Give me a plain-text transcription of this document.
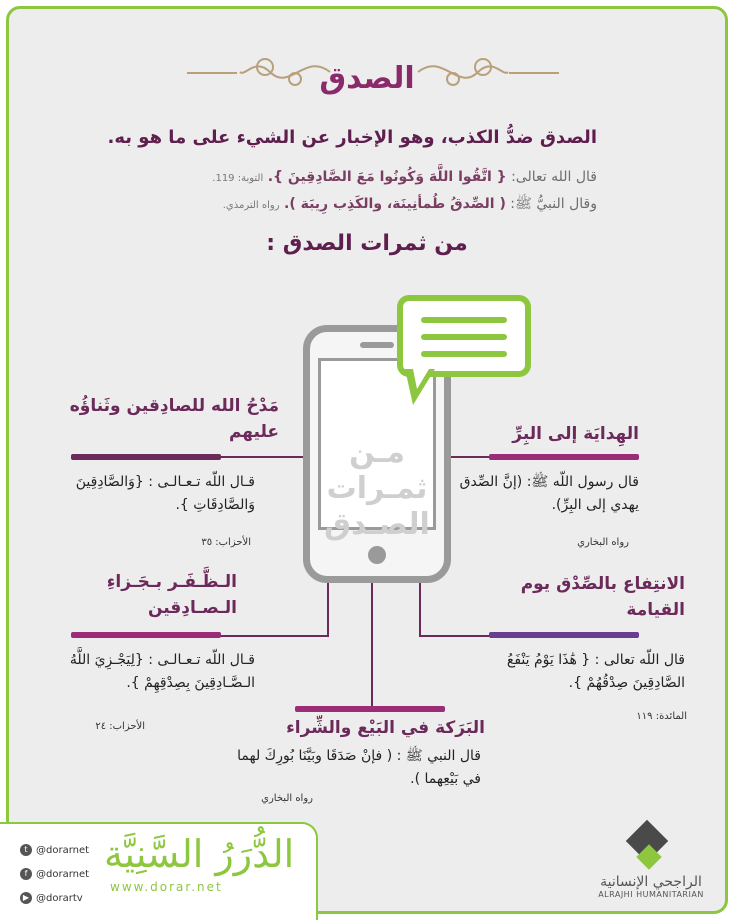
الصدق
الصدق ضدُّ الكذب، وهو الإخبار عن الشيء على ما هو به.
قال الله تعالى: { اتَّقُوا اللَّهَ وَكُونُوا مَعَ الصَّادِقِينَ }. التوبة: 119.
وقال النبيُّ ﷺ: ( الصِّدقُ طُمأنِينَة، والكَذِب رِيبَة ). رواه الترمذي.
من ثمرات الصدق :
مـن
ثمـرات
الصـدق
مَدْحُ الله للصادِقين وثَناؤُه عليهم
قـال اللّه تـعـالـى : {وَالصَّادِقِينَ وَالصَّادِقَاتِ }.
الأحزاب: ٣٥
الهِدايَة إلى البِرِّ
قال رسول اللّه ﷺ: (إنَّ الصِّدق يهدي إلى البِرِّ).
رواه البخاري
الـظَّـفَـر بـجَـزاءِ الـصـادِقين
قـال اللّه تـعـالـى : {لِيَجْـزِيَ اللَّهُ الـصَّـادِقِينَ بِصِدْقِهِمْ }.
الأحزاب: ٢٤
الانتِفاع بالصِّدْق يوم القيامة
قال اللّه تعالى : { هَٰذَا يَوْمُ يَنْفَعُ الصَّادِقِينَ صِدْقُهُمْ }.
المائدة: ١١٩
البَرَكة في البَيْع والشِّراء
قال النبي ﷺ : ( فإنْ صَدَقَا وبَيَّنَا بُورِكَ لهما في بَيْعِهما ).
رواه البخاري
t @dorarnet
f @dorarnet
▶ @dorartv
الدُّرَرُ السَّنِيَّة
www.dorar.net	الراجحي الإنسانية
ALRAJHI HUMANITARIAN
